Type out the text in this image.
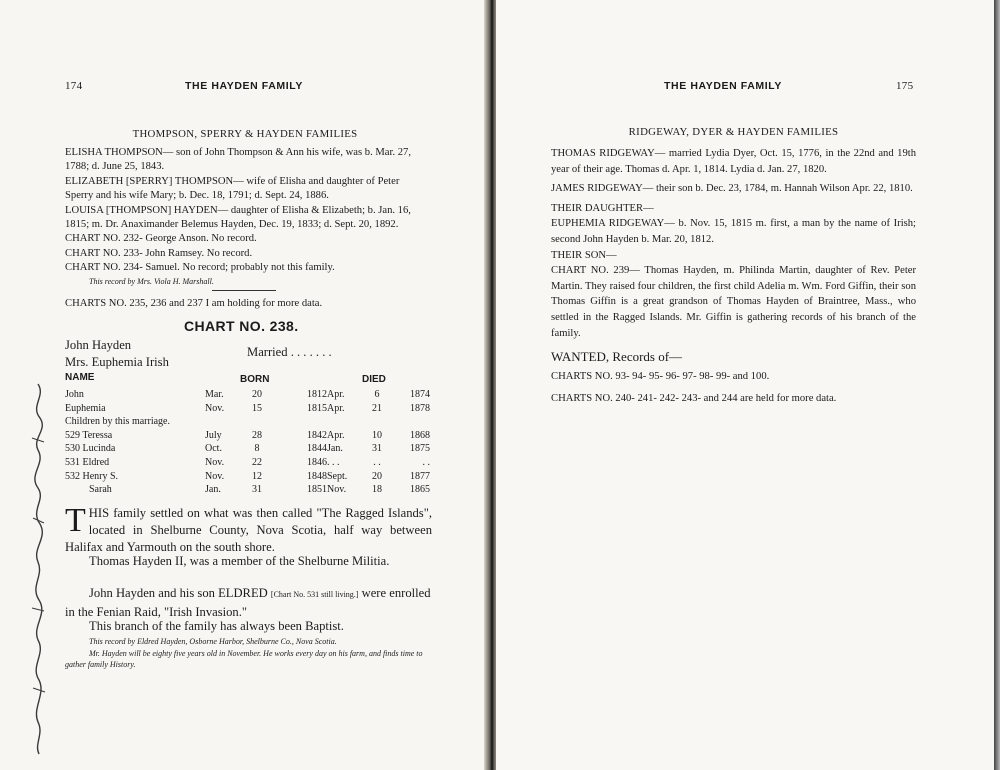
174	THE HAYDEN FAMILY
THOMPSON, SPERRY & HAYDEN FAMILIES

ELISHA THOMPSON— son of John Thompson & Ann his wife, was b. Mar. 27, 1788; d. June 25, 1843.

ELIZABETH [SPERRY] THOMPSON— wife of Elisha and daughter of Peter Sperry and his wife Mary; b. Dec. 18, 1791; d. Sept. 24, 1886.

LOUISA [THOMPSON] HAYDEN— daughter of Elisha & Elizabeth; b. Jan. 16, 1815; m. Dr. Anaximander Belemus Hayden, Dec. 19, 1833; d. Sept. 20, 1892.

CHART NO. 232- George Anson. No record.

CHART NO. 233- John Ramsey. No record.

CHART NO. 234- Samuel. No record; probably not this family.

This record by Mrs. Viola H. Marshall.

CHARTS NO. 235, 236 and 237 I am holding for more data.
CHART NO. 238.
John Hayden
Mrs. Euphemia Irish
Married . . . . . . .
NAME	BORN	DIED
John	Mar.	20	1812	Apr.	6	1874
Euphemia	Nov.	15	1815	Apr.	21	1878
Children by this marriage.						
529 Teressa	July	28	1842	Apr.	10	1868
530 Lucinda	Oct.	8	1844	Jan.	31	1875
531 Eldred	Nov.	22	1846	. . .	. .	. .
532 Henry S.	Nov.	12	1848	Sept.	20	1877
Sarah	Jan.	31	1851	Nov.	18	1865
THIS family settled on what was then called "The Ragged Islands", located in Shelburne County, Nova Scotia, half way between Halifax and Yarmouth on the south shore.
Thomas Hayden II, was a member of the Shelburne Militia.
John Hayden and his son ELDRED [Chart No. 531 still living.] were enrolled in the Fenian Raid, "Irish Invasion."
This branch of the family has always been Baptist.
This record by Eldred Hayden, Osborne Harbor, Shelburne Co., Nova Scotia.
Mr. Hayden will be eighty five years old in November. He works every day on his farm, and finds time to gather family History.
THE HAYDEN FAMILY	175
RIDGEWAY, DYER & HAYDEN FAMILIES

THOMAS RIDGEWAY— married Lydia Dyer, Oct. 15, 1776, in the 22nd and 19th year of their age. Thomas d. Apr. 1, 1814. Lydia d. Jan. 27, 1820.

JAMES RIDGEWAY— their son b. Dec. 23, 1784, m. Hannah Wilson Apr. 22, 1810.

THEIR DAUGHTER—

EUPHEMIA RIDGEWAY— b. Nov. 15, 1815 m. first, a man by the name of Irish; second John Hayden b. Mar. 20, 1812.

THEIR SON—

CHART NO. 239— Thomas Hayden, m. Philinda Martin, daughter of Rev. Peter Martin. They raised four children, the first child Adelia m. Wm. Ford Giffin, their son Thomas Giffin is a great grandson of Thomas Hayden of Braintree, Mass., who settled in the Ragged Islands. Mr. Giffin is gathering records of his branch of the family.

WANTED, Records of—

CHARTS NO. 93- 94- 95- 96- 97- 98- 99- and 100.

CHARTS NO. 240- 241- 242- 243- and 244 are held for more data.
